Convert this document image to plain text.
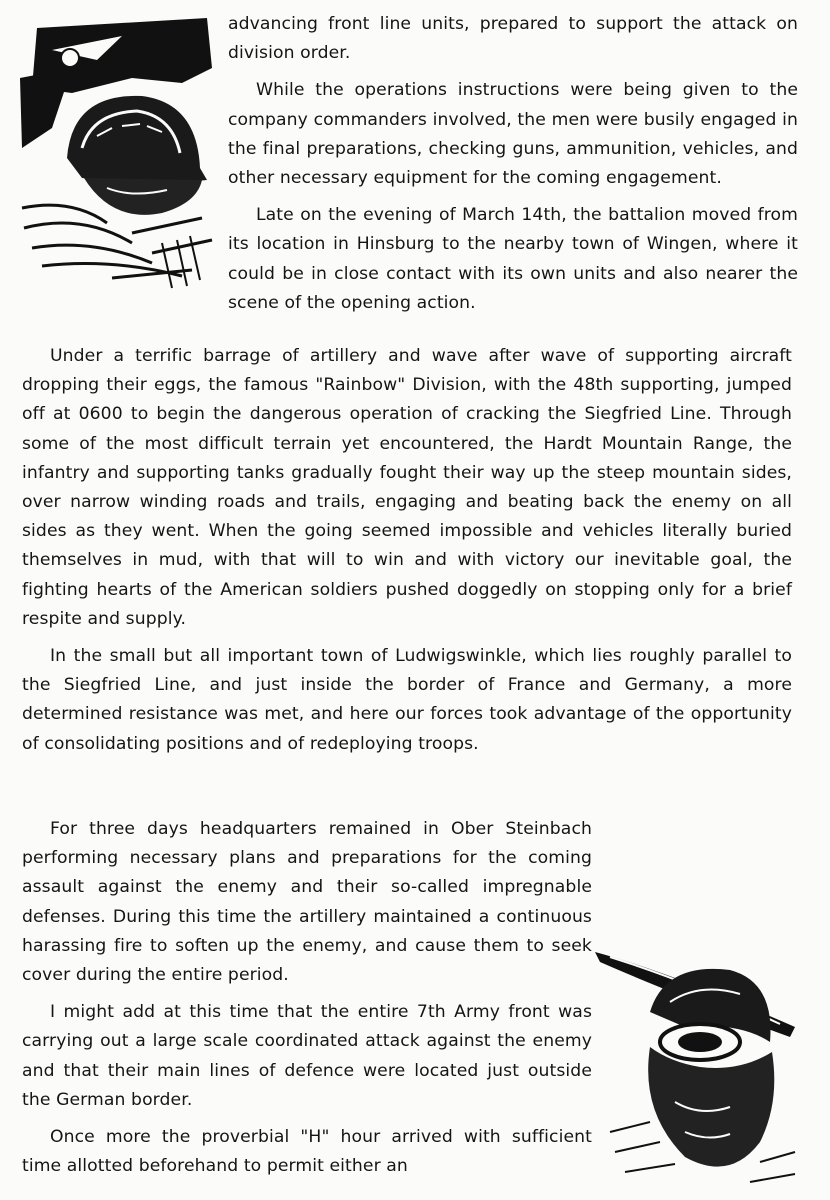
advancing front line units, prepared to support the attack on division order.

While the operations instructions were being given to the company commanders involved, the men were busily engaged in the final preparations, checking guns, ammunition, vehicles, and other necessary equipment for the coming engagement.

Late on the evening of March 14th, the battalion moved from its location in Hinsburg to the nearby town of Wingen, where it could be in close contact with its own units and also nearer the scene of the opening action.

Under a terrific barrage of artillery and wave after wave of supporting aircraft dropping their eggs, the famous "Rainbow" Division, with the 48th supporting, jumped off at 0600 to begin the dangerous operation of cracking the Siegfried Line. Through some of the most difficult terrain yet encountered, the Hardt Mountain Range, the infantry and supporting tanks gradually fought their way up the steep mountain sides, over narrow winding roads and trails, engaging and beating back the enemy on all sides as they went. When the going seemed impossible and vehicles literally buried themselves in mud, with that will to win and with victory our inevitable goal, the fighting hearts of the American soldiers pushed doggedly on stopping only for a brief respite and supply.

In the small but all important town of Ludwigswinkle, which lies roughly parallel to the Siegfried Line, and just inside the border of France and Germany, a more determined resistance was met, and here our forces took advantage of the opportunity of consolidating positions and of redeploying troops.

For three days headquarters remained in Ober Steinbach performing necessary plans and preparations for the coming assault against the enemy and their so-called impregnable defenses. During this time the artillery maintained a continuous harassing fire to soften up the enemy, and cause them to seek cover during the entire period.

I might add at this time that the entire 7th Army front was carrying out a large scale coordinated attack against the enemy and that their main lines of defence were located just outside the German border.

Once more the proverbial "H" hour arrived with sufficient time allotted beforehand to permit either an
